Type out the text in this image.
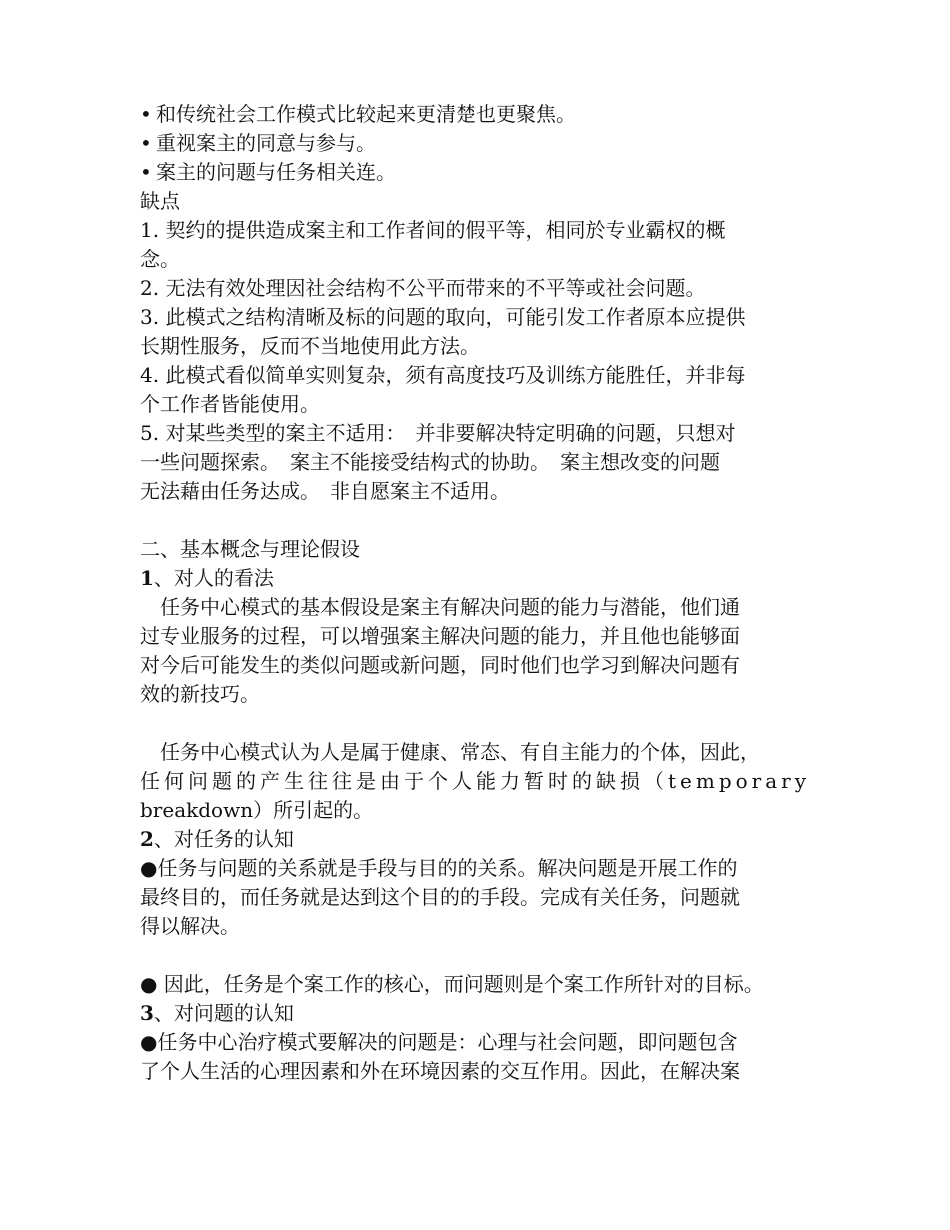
• 和传统社会工作模式比较起来更清楚也更聚焦。
• 重视案主的同意与参与。
• 案主的问题与任务相关连。
缺点
1. 契约的提供造成案主和工作者间的假平等，相同於专业霸权的概
念。
2. 无法有效处理因社会结构不公平而带来的不平等或社会问题。
3. 此模式之结构清晰及标的问题的取向，可能引发工作者原本应提供
长期性服务，反而不当地使用此方法。
4. 此模式看似简单实则复杂，须有高度技巧及训练方能胜任，并非每
个工作者皆能使用。
5. 对某些类型的案主不适用：　并非要解决特定明确的问题，只想对
一些问题探索。　案主不能接受结构式的协助。　案主想改变的问题
无法藉由任务达成。　非自愿案主不适用。
二、基本概念与理论假设
1、对人的看法
任务中心模式的基本假设是案主有解决问题的能力与潜能，他们通
过专业服务的过程，可以增强案主解决问题的能力，并且他也能够面
对今后可能发生的类似问题或新问题，同时他们也学习到解决问题有
效的新技巧。
任务中心模式认为人是属于健康、常态、有自主能力的个体，因此，
任何问题的产生往往是由于个人能力暂时的缺损（temporary
breakdown）所引起的。
2、对任务的认知
●任务与问题的关系就是手段与目的的关系。解决问题是开展工作的
最终目的，而任务就是达到这个目的的手段。完成有关任务，问题就
得以解决。
● 因此，任务是个案工作的核心，而问题则是个案工作所针对的目标。
3、对问题的认知
●任务中心治疗模式要解决的问题是：心理与社会问题，即问题包含
了个人生活的心理因素和外在环境因素的交互作用。因此，在解决案
